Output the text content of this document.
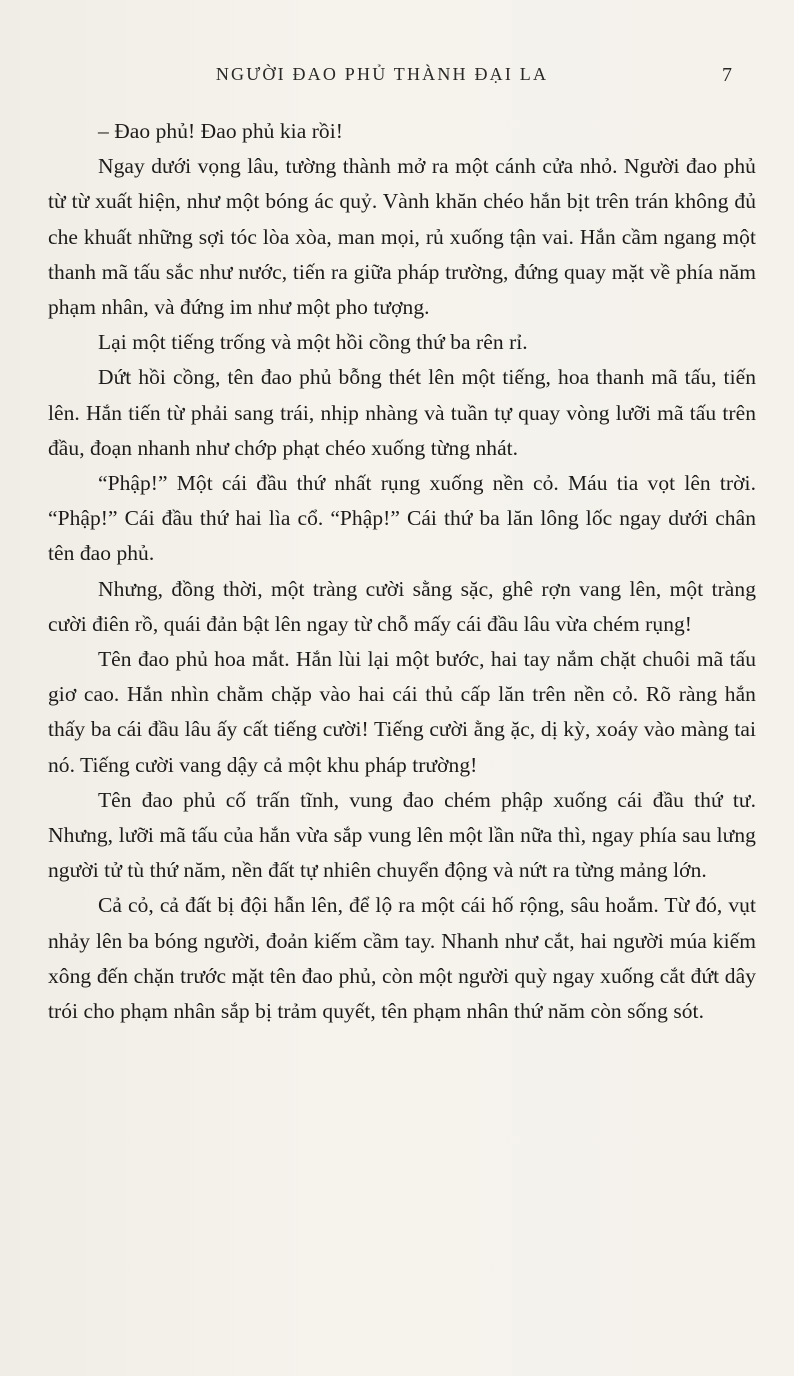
NGƯỜI ĐAO PHỦ THÀNH ĐẠI LA	7

– Đao phủ! Đao phủ kia rồi!

Ngay dưới vọng lâu, tường thành mở ra một cánh cửa nhỏ. Người đao phủ từ từ xuất hiện, như một bóng ác quỷ. Vành khăn chéo hắn bịt trên trán không đủ che khuất những sợi tóc lòa xòa, man mọi, rủ xuống tận vai. Hắn cầm ngang một thanh mã tấu sắc như nước, tiến ra giữa pháp trường, đứng quay mặt về phía năm phạm nhân, và đứng im như một pho tượng.

Lại một tiếng trống và một hồi cồng thứ ba rên rỉ.

Dứt hồi cồng, tên đao phủ bỗng thét lên một tiếng, hoa thanh mã tấu, tiến lên. Hắn tiến từ phải sang trái, nhịp nhàng và tuần tự quay vòng lưỡi mã tấu trên đầu, đoạn nhanh như chớp phạt chéo xuống từng nhát.

“Phập!” Một cái đầu thứ nhất rụng xuống nền cỏ. Máu tia vọt lên trời. “Phập!” Cái đầu thứ hai lìa cổ. “Phập!” Cái thứ ba lăn lông lốc ngay dưới chân tên đao phủ.

Nhưng, đồng thời, một tràng cười sằng sặc, ghê rợn vang lên, một tràng cười điên rồ, quái đản bật lên ngay từ chỗ mấy cái đầu lâu vừa chém rụng!

Tên đao phủ hoa mắt. Hắn lùi lại một bước, hai tay nắm chặt chuôi mã tấu giơ cao. Hắn nhìn chằm chặp vào hai cái thủ cấp lăn trên nền cỏ. Rõ ràng hắn thấy ba cái đầu lâu ấy cất tiếng cười! Tiếng cười ằng ặc, dị kỳ, xoáy vào màng tai nó. Tiếng cười vang dậy cả một khu pháp trường!

Tên đao phủ cố trấn tĩnh, vung đao chém phập xuống cái đầu thứ tư. Nhưng, lưỡi mã tấu của hắn vừa sắp vung lên một lần nữa thì, ngay phía sau lưng người tử tù thứ năm, nền đất tự nhiên chuyển động và nứt ra từng mảng lớn.

Cả cỏ, cả đất bị đội hẫn lên, để lộ ra một cái hố rộng, sâu hoắm. Từ đó, vụt nhảy lên ba bóng người, đoản kiếm cầm tay. Nhanh như cắt, hai người múa kiếm xông đến chặn trước mặt tên đao phủ, còn một người quỳ ngay xuống cắt đứt dây trói cho phạm nhân sắp bị trảm quyết, tên phạm nhân thứ năm còn sống sót.
